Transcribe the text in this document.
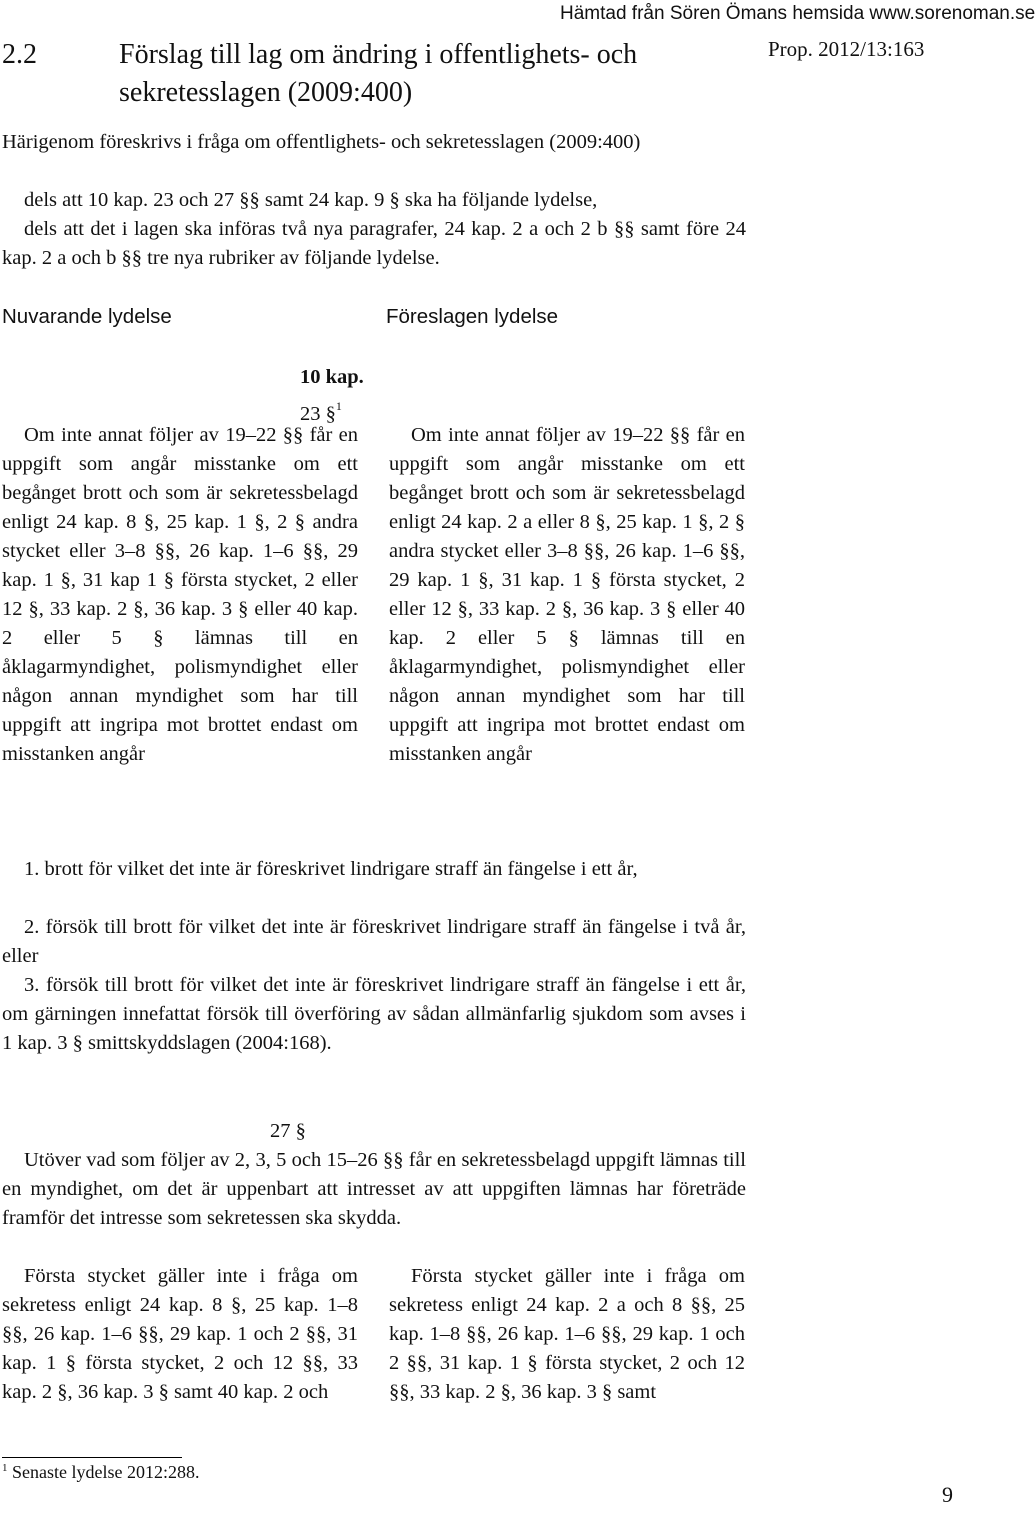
Hämtad från Sören Ömans hemsida www.sorenoman.se
2.2	Förslag till lag om ändring i offentlighets- och
sekretesslagen (2009:400)
Prop. 2012/13:163
Härigenom föreskrivs i fråga om offentlighets- och sekretesslagen (2009:400)
dels att 10 kap. 23 och 27 §§ samt 24 kap. 9 § ska ha följande lydelse,
dels att det i lagen ska införas två nya paragrafer, 24 kap. 2 a och 2 b §§ samt före 24 kap. 2 a och b §§ tre nya rubriker av följande lydelse.
Nuvarande lydelse	Föreslagen lydelse
10 kap.
23 §$^1$
Om inte annat följer av 19–22 §§ får en uppgift som angår misstanke om ett begånget brott och som är sekretessbelagd enligt 24 kap. 8 §, 25 kap. 1 §, 2 § andra stycket eller 3–8 §§, 26 kap. 1–6 §§, 29 kap. 1 §, 31 kap 1 § första stycket, 2 eller 12 §, 33 kap. 2 §, 36 kap. 3 § eller 40 kap. 2 eller 5 § lämnas till en åklagarmyndighet, polismyndighet eller någon annan myndighet som har till uppgift att ingripa mot brottet endast om misstanken angår
Om inte annat följer av 19–22 §§ får en uppgift som angår misstanke om ett begånget brott och som är sekretessbelagd enligt 24 kap. 2 a eller 8 §, 25 kap. 1 §, 2 § andra stycket eller 3–8 §§, 26 kap. 1–6 §§, 29 kap. 1 §, 31 kap. 1 § första stycket, 2 eller 12 §, 33 kap. 2 §, 36 kap. 3 § eller 40 kap. 2 eller 5 § lämnas till en åklagarmyndighet, polismyndighet eller någon annan myndighet som har till uppgift att ingripa mot brottet endast om misstanken angår
1. brott för vilket det inte är föreskrivet lindrigare straff än fängelse i ett år,
2. försök till brott för vilket det inte är föreskrivet lindrigare straff än fängelse i två år, eller
3. försök till brott för vilket det inte är föreskrivet lindrigare straff än fängelse i ett år, om gärningen innefattat försök till överföring av sådan allmänfarlig sjukdom som avses i 1 kap. 3 § smittskyddslagen (2004:168).
27 §
Utöver vad som följer av 2, 3, 5 och 15–26 §§ får en sekretessbelagd uppgift lämnas till en myndighet, om det är uppenbart att intresset av att uppgiften lämnas har företräde framför det intresse som sekretessen ska skydda.
Första stycket gäller inte i fråga om sekretess enligt 24 kap. 8 §, 25 kap. 1–8 §§, 26 kap. 1–6 §§, 29 kap. 1 och 2 §§, 31 kap. 1 § första stycket, 2 och 12 §§, 33 kap. 2 §, 36 kap. 3 § samt 40 kap. 2 och
Första stycket gäller inte i fråga om sekretess enligt 24 kap. 2 a och 8 §§, 25 kap. 1–8 §§, 26 kap. 1–6 §§, 29 kap. 1 och 2 §§, 31 kap. 1 § första stycket, 2 och 12 §§, 33 kap. 2 §, 36 kap. 3 § samt
$^1$ Senaste lydelse 2012:288.
9
